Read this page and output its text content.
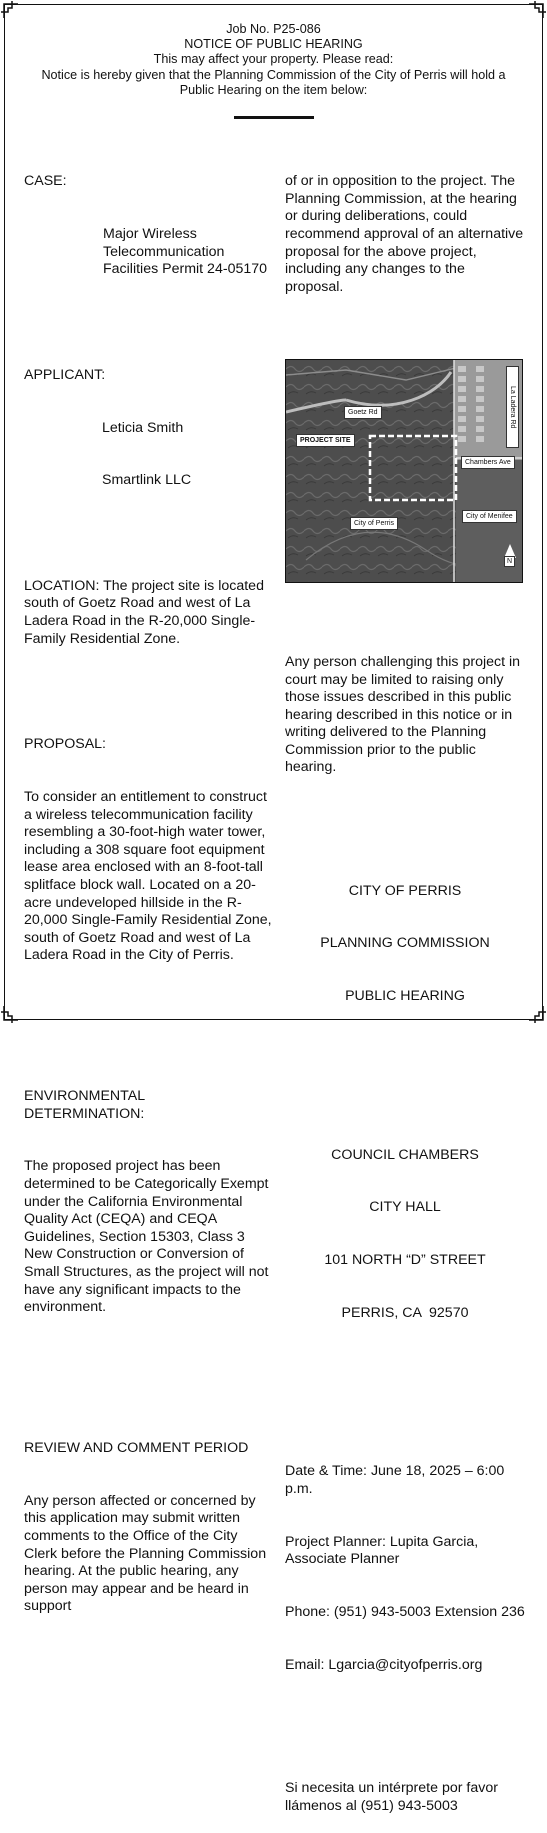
Job No. P25-086
NOTICE OF PUBLIC HEARING
This may affect your property. Please read:
Notice is hereby given that the Planning Commission of the City of Perris will hold a Public Hearing on the item below:

CASE:

Major Wireless Telecommunication Facilities Permit 24-05170

APPLICANT:

Leticia Smith

Smartlink LLC

LOCATION: The project site is located south of Goetz Road and west of La Ladera Road in the R-20,000 Single-Family Residential Zone.

PROPOSAL:

To consider an entitlement to construct a wireless telecommunication facility resembling a 30-foot-high water tower, including a 308 square foot equipment lease area enclosed with an 8-foot-tall splitface block wall. Located on a 20-acre undeveloped hillside in the R-20,000 Single-Family Residential Zone, south of Goetz Road and west of La Ladera Road in the City of Perris.

ENVIRONMENTAL DETERMINATION:

The proposed project has been determined to be Categorically Exempt under the California Environmental Quality Act (CEQA) and CEQA Guidelines, Section 15303, Class 3 New Construction or Conversion of Small Structures, as the project will not have any significant impacts to the environment.

REVIEW AND COMMENT PERIOD

Any person affected or concerned by this application may submit written comments to the Office of the City Clerk before the Planning Commission hearing. At the public hearing, any person may appear and be heard in support

of or in opposition to the project. The Planning Commission, at the hearing or during deliberations, could recommend approval of an alternative proposal for the above project, including any changes to the proposal.

La Ladera Rd

Goetz Rd

PROJECT SITE

Chambers Ave

City of Perris

City of Menifee

N

Any person challenging this project in court may be limited to raising only those issues described in this public hearing described in this notice or in writing delivered to the Planning Commission prior to the public hearing.

CITY OF PERRIS

PLANNING COMMISSION

PUBLIC HEARING

COUNCIL CHAMBERS

CITY HALL

101 NORTH “D” STREET

PERRIS, CA  92570

Date & Time: June 18, 2025 – 6:00 p.m.

Project Planner: Lupita Garcia, Associate Planner

Phone: (951) 943-5003 Extension 236

Email: Lgarcia@cityofperris.org

Si necesita un intérprete por favor llámenos al (951) 943-5003
